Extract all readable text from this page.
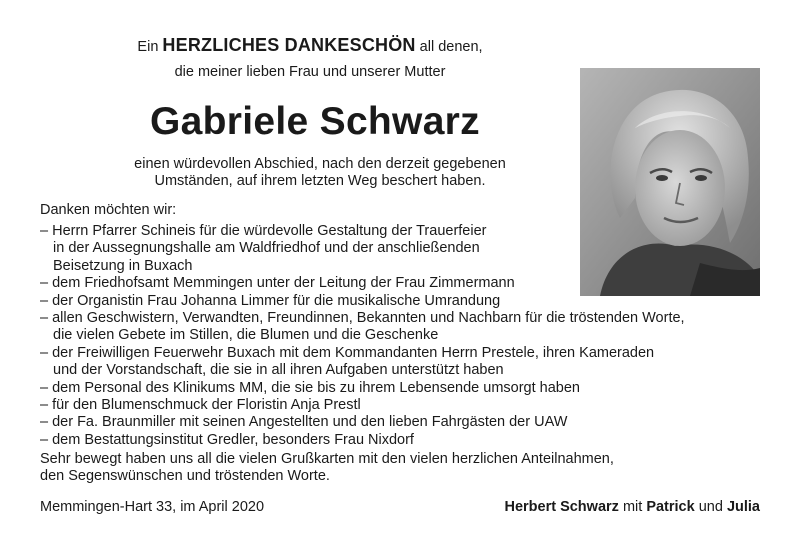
Ein HERZLICHES DANKESCHÖN all denen,
die meiner lieben Frau und unserer Mutter
Gabriele Schwarz
einen würdevollen Abschied, nach den derzeit gegebenen
Umständen, auf ihrem letzten Weg beschert haben.
Danken möchten wir:
– Herrn Pfarrer Schineis für die würdevolle Gestaltung der Trauerfeier
in der Aussegnungshalle am Waldfriedhof und der anschließenden
Beisetzung in Buxach
– dem Friedhofsamt Memmingen unter der Leitung der Frau Zimmermann
– der Organistin Frau Johanna Limmer für die musikalische Umrandung
– allen Geschwistern, Verwandten, Freundinnen, Bekannten und Nachbarn für die tröstenden Worte,
die vielen Gebete im Stillen, die Blumen und die Geschenke
– der Freiwilligen Feuerwehr Buxach mit dem Kommandanten Herrn Prestele, ihren Kameraden
und der Vorstandschaft, die sie in all ihren Aufgaben unterstützt haben
– dem Personal des Klinikums MM, die sie bis zu ihrem Lebensende umsorgt haben
– für den Blumenschmuck der Floristin Anja Prestl
– der Fa. Braunmiller mit seinen Angestellten und den lieben Fahrgästen der UAW
– dem Bestattungsinstitut Gredler, besonders Frau Nixdorf
Sehr bewegt haben uns all die vielen Grußkarten mit den vielen herzlichen Anteilnahmen,
den Segenswünschen und tröstenden Worte.
Memmingen-Hart 33, im April 2020	Herbert Schwarz mit Patrick und Julia
